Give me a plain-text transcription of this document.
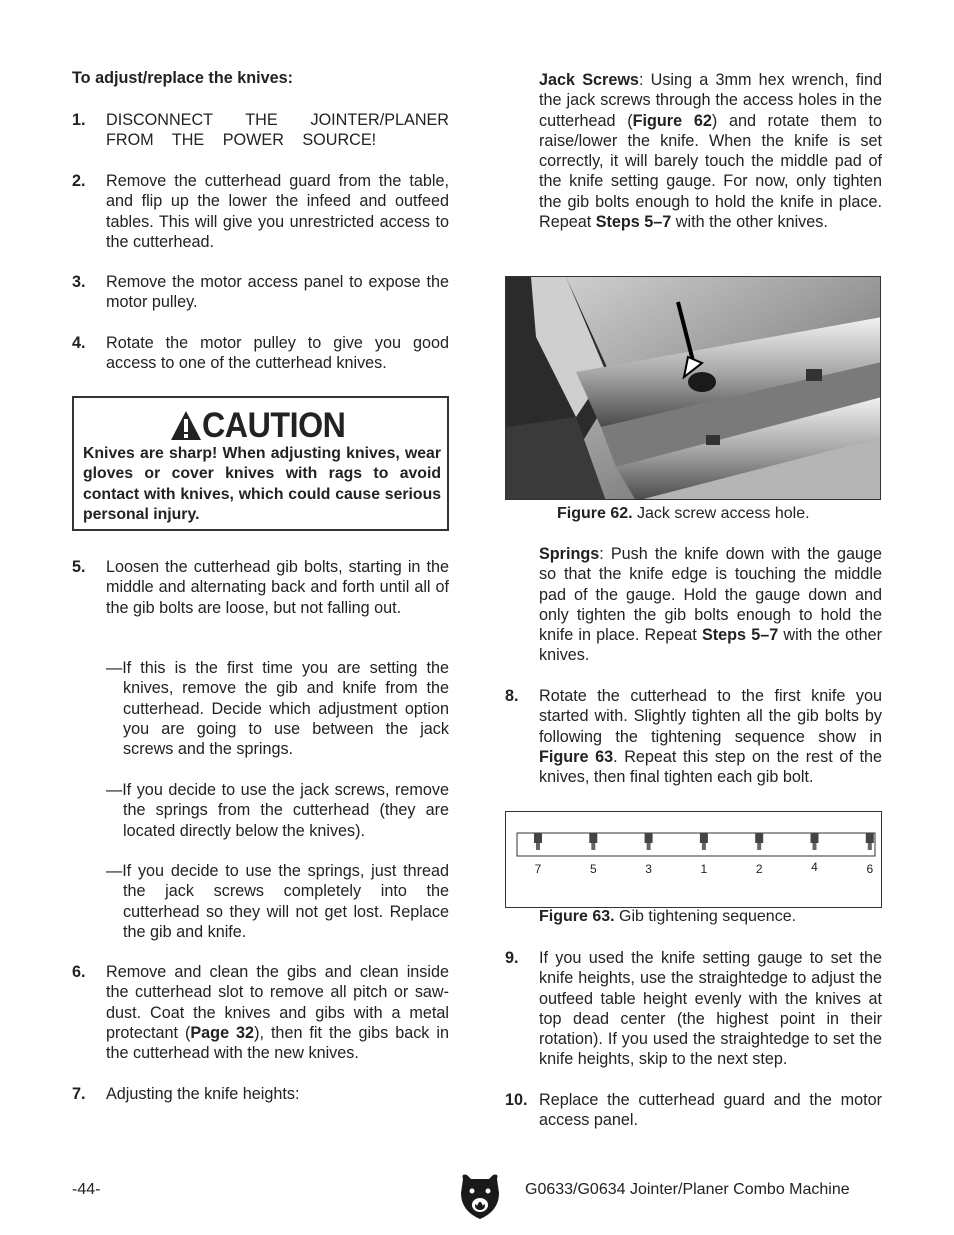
To adjust/replace the knives:
1.	DISCONNECT THE JOINTER/PLANER FROM THE POWER SOURCE!
2.	Remove the cutterhead guard from the table, and flip up the lower the infeed and outfeed tables. This will give you unrestricted access to the cutterhead.
3.	Remove the motor access panel to expose the motor pulley.
4.	Rotate the motor pulley to give you good access to one of the cutterhead knives.
CAUTION
Knives are sharp! When adjusting knives, wear gloves or cover knives with rags to avoid contact with knives, which could cause serious personal injury.
5.	Loosen the cutterhead gib bolts, starting in the middle and alternating back and forth until all of the gib bolts are loose, but not falling out.
—If this is the first time you are setting the knives, remove the gib and knife from the cutterhead. Decide which adjustment option you are going to use between the jack screws and the springs.
—If you decide to use the jack screws, remove the springs from the cutterhead (they are located directly below the knives).
—If you decide to use the springs, just thread the jack screws completely into the cutterhead so they will not get lost. Replace the gib and knife.
6.	Remove and clean the gibs and clean inside the cutterhead slot to remove all pitch or saw-dust. Coat the knives and gibs with a metal protectant (Page 32), then fit the gibs back in the cutterhead with the new knives.
7.	Adjusting the knife heights:
Jack Screws: Using a 3mm hex wrench, find the jack screws through the access holes in the cutterhead (Figure 62) and rotate them to raise/lower the knife. When the knife is set correctly, it will barely touch the middle pad of the knife setting gauge. For now, only tighten the gib bolts enough to hold the knife in place. Repeat Steps 5–7 with the other knives.
Figure 62. Jack screw access hole.
Springs: Push the knife down with the gauge so that the knife edge is touching the middle pad of the gauge. Hold the gauge down and only tighten the gib bolts enough to hold the knife in place. Repeat Steps 5–7 with the other knives.
8.	Rotate the cutterhead to the first knife you started with. Slightly tighten all the gib bolts by following the tightening sequence show in Figure 63. Repeat this step on the rest of the knives, then final tighten each gib bolt.
Figure 63. Gib tightening sequence.
9.	If you used the knife setting gauge to set the knife heights, use the straightedge to adjust the outfeed table height evenly with the knives at top dead center (the highest point in their rotation). If you used the straightedge to set the knife heights, skip to the next step.
10. Replace the cutterhead guard and the motor access panel.
7	5	3	1	2	4	6
-44-	G0633/G0634 Jointer/Planer Combo Machine
